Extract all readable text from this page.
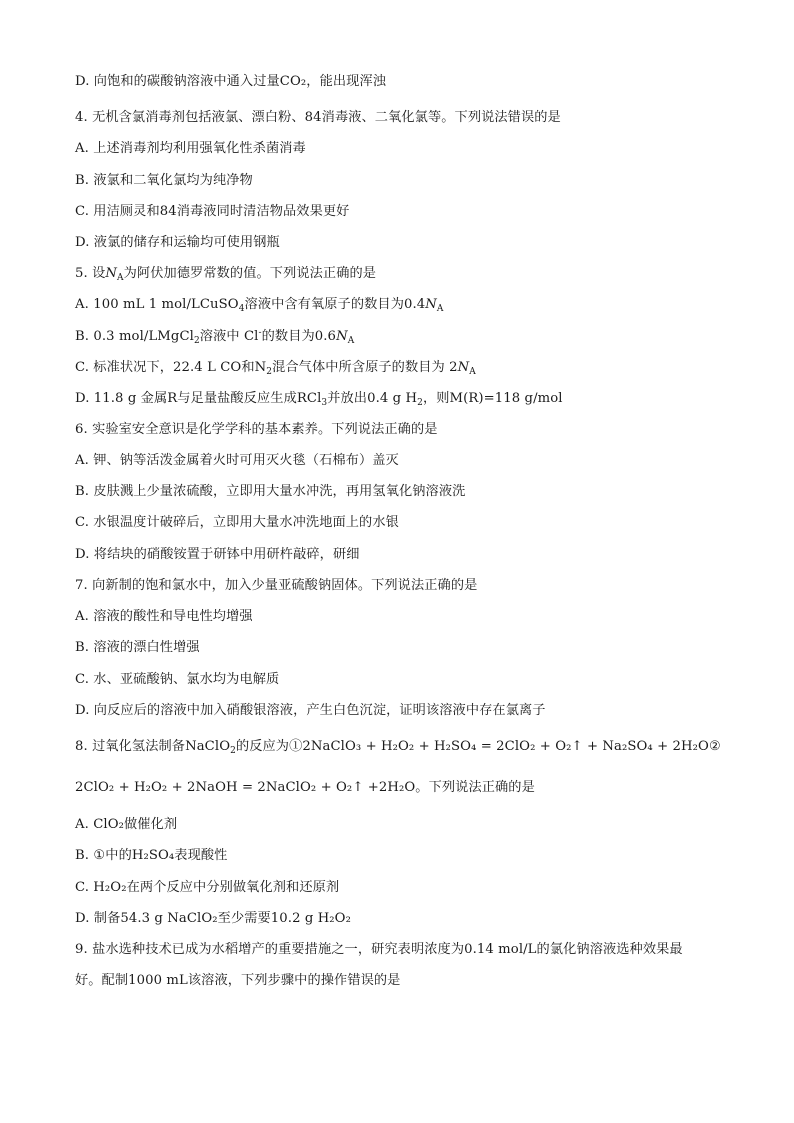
D. 向饱和的碳酸钠溶液中通入过量CO₂，能出现浑浊
4. 无机含氯消毒剂包括液氯、漂白粉、84消毒液、二氧化氯等。下列说法错误的是
A. 上述消毒剂均利用强氧化性杀菌消毒
B. 液氯和二氧化氯均为纯净物
C. 用洁厕灵和84消毒液同时清洁物品效果更好
D. 液氯的储存和运输均可使用钢瓶
5. 设$N_A$为阿伏加德罗常数的值。下列说法正确的是
A. 100 mL 1 mol/LCuSO$_4$溶液中含有氧原子的数目为$0.4N_A$
B. 0.3 mol/LMgCl$_2$溶液中 Cl-的数目为$0.6N_A$
C. 标准状况下，22.4 L CO和$N_2$混合气体中所含原子的数目为 $2N_A$
D. 11.8 g 金属R与足量盐酸反应生成RCl$_3$并放出0.4 g $H_2$，则M(R)=118 g/mol
6. 实验室安全意识是化学学科的基本素养。下列说法正确的是
A. 钾、钠等活泼金属着火时可用灭火毯（石棉布）盖灭
B. 皮肤溅上少量浓硫酸，立即用大量水冲洗，再用氢氧化钠溶液洗
C. 水银温度计破碎后，立即用大量水冲洗地面上的水银
D. 将结块的硝酸铵置于研钵中用研杵敲碎，研细
7. 向新制的饱和氯水中，加入少量亚硫酸钠固体。下列说法正确的是
A. 溶液的酸性和导电性均增强
B. 溶液的漂白性增强
C. 水、亚硫酸钠、氯水均为电解质
D. 向反应后的溶液中加入硝酸银溶液，产生白色沉淀，证明该溶液中存在氯离子
8. 过氧化氢法制备NaClO$_2$的反应为①2NaClO₃ + H₂O₂ + H₂SO₄ = 2ClO₂ + O₂↑ + Na₂SO₄ + 2H₂O②
2ClO₂ + H₂O₂ + 2NaOH = 2NaClO₂ + O₂↑ +2H₂O。下列说法正确的是
A. ClO₂做催化剂
B. ①中的H₂SO₄表现酸性
C. H₂O₂在两个反应中分别做氧化剂和还原剂
D. 制备54.3 g NaClO₂至少需要10.2 g H₂O₂
9. 盐水选种技术已成为水稻增产的重要措施之一，研究表明浓度为0.14 mol/L的氯化钠溶液选种效果最
好。配制1000 mL该溶液，下列步骤中的操作错误的是
